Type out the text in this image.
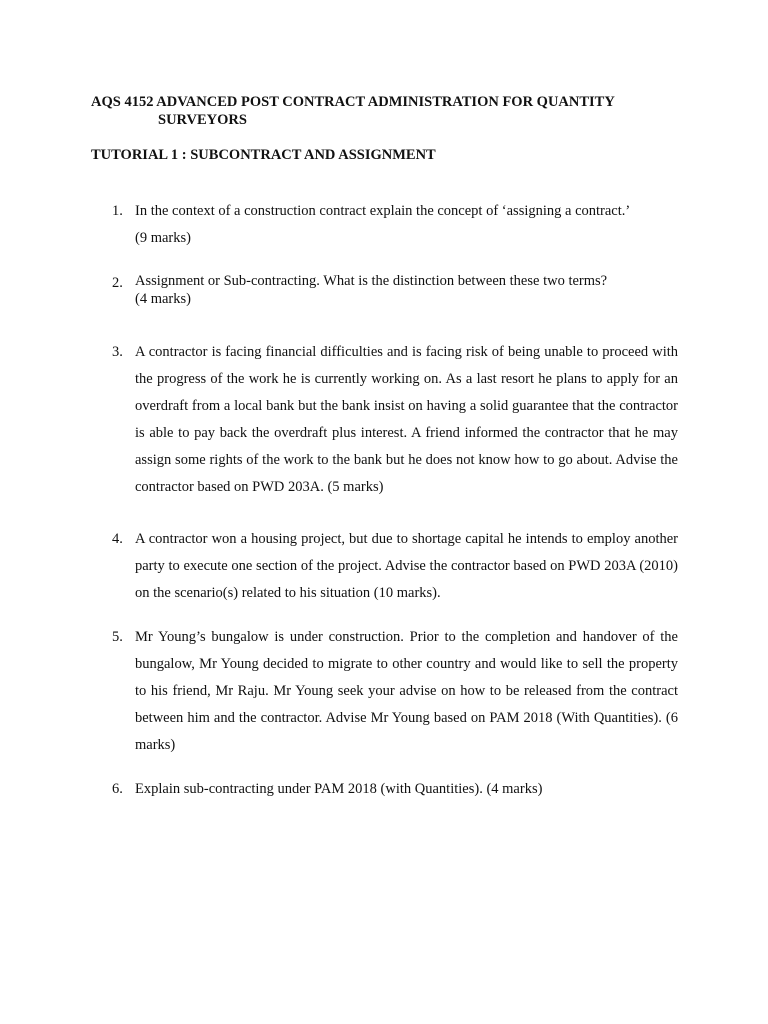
AQS 4152 ADVANCED POST CONTRACT ADMINISTRATION FOR QUANTITY
SURVEYORS
TUTORIAL 1 : SUBCONTRACT AND ASSIGNMENT
1. In the context of a construction contract explain the concept of ‘assigning a contract.’
(9 marks)
2. Assignment or Sub-contracting. What is the distinction between these two terms?
(4 marks)
3. A contractor is facing financial difficulties and is facing risk of being unable to proceed with the progress of the work he is currently working on. As a last resort he plans to apply for an overdraft from a local bank but the bank insist on having a solid guarantee that the contractor is able to pay back the overdraft plus interest. A friend informed the contractor that he may assign some rights of the work to the bank but he does not know how to go about. Advise the contractor based on PWD 203A. (5 marks)
4. A contractor won a housing project, but due to shortage capital he intends to employ another party to execute one section of the project. Advise the contractor based on PWD 203A (2010) on the scenario(s) related to his situation (10 marks).
5. Mr Young’s bungalow is under construction. Prior to the completion and handover of the bungalow, Mr Young decided to migrate to other country and would like to sell the property to his friend, Mr Raju. Mr Young seek your advise on how to be released from the contract between him and the contractor. Advise Mr Young based on PAM 2018 (With Quantities). (6 marks)
6. Explain sub-contracting under PAM 2018 (with Quantities). (4 marks)
